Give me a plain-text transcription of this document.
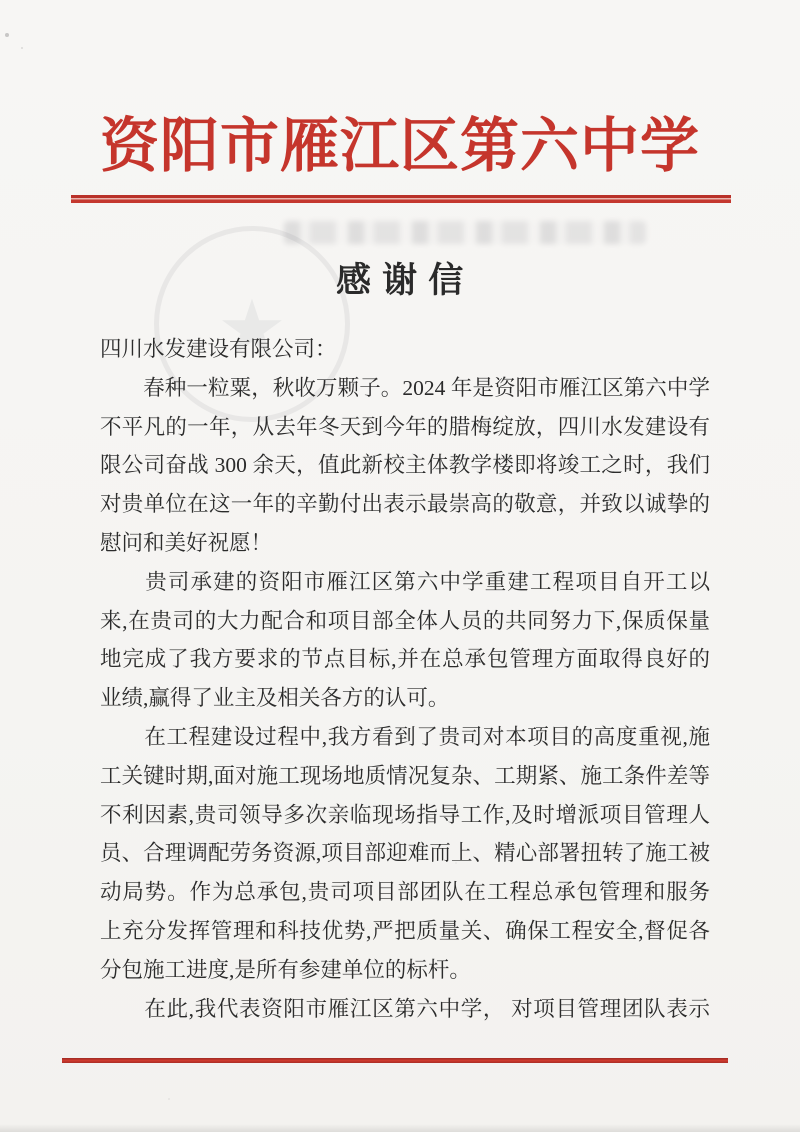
资阳市雁江区第六中学
★
感 谢 信
四川水发建设有限公司：
　　春种一粒粟，秋收万颗子。2024 年是资阳市雁江区第六中学
不平凡的一年，从去年冬天到今年的腊梅绽放，四川水发建设有
限公司奋战 300 余天，值此新校主体教学楼即将竣工之时，我们
对贵单位在这一年的辛勤付出表示最崇高的敬意，并致以诚挚的
慰问和美好祝愿！
　　贵司承建的资阳市雁江区第六中学重建工程项目自开工以
来,在贵司的大力配合和项目部全体人员的共同努力下,保质保量
地完成了我方要求的节点目标,并在总承包管理方面取得良好的
业绩,赢得了业主及相关各方的认可。
　　在工程建设过程中,我方看到了贵司对本项目的高度重视,施
工关键时期,面对施工现场地质情况复杂、工期紧、施工条件差等
不利因素,贵司领导多次亲临现场指导工作,及时增派项目管理人
员、合理调配劳务资源,项目部迎难而上、精心部署扭转了施工被
动局势。作为总承包,贵司项目部团队在工程总承包管理和服务
上充分发挥管理和科技优势,严把质量关、确保工程安全,督促各
分包施工进度,是所有参建单位的标杆。
　　在此,我代表资阳市雁江区第六中学， 对项目管理团队表示
